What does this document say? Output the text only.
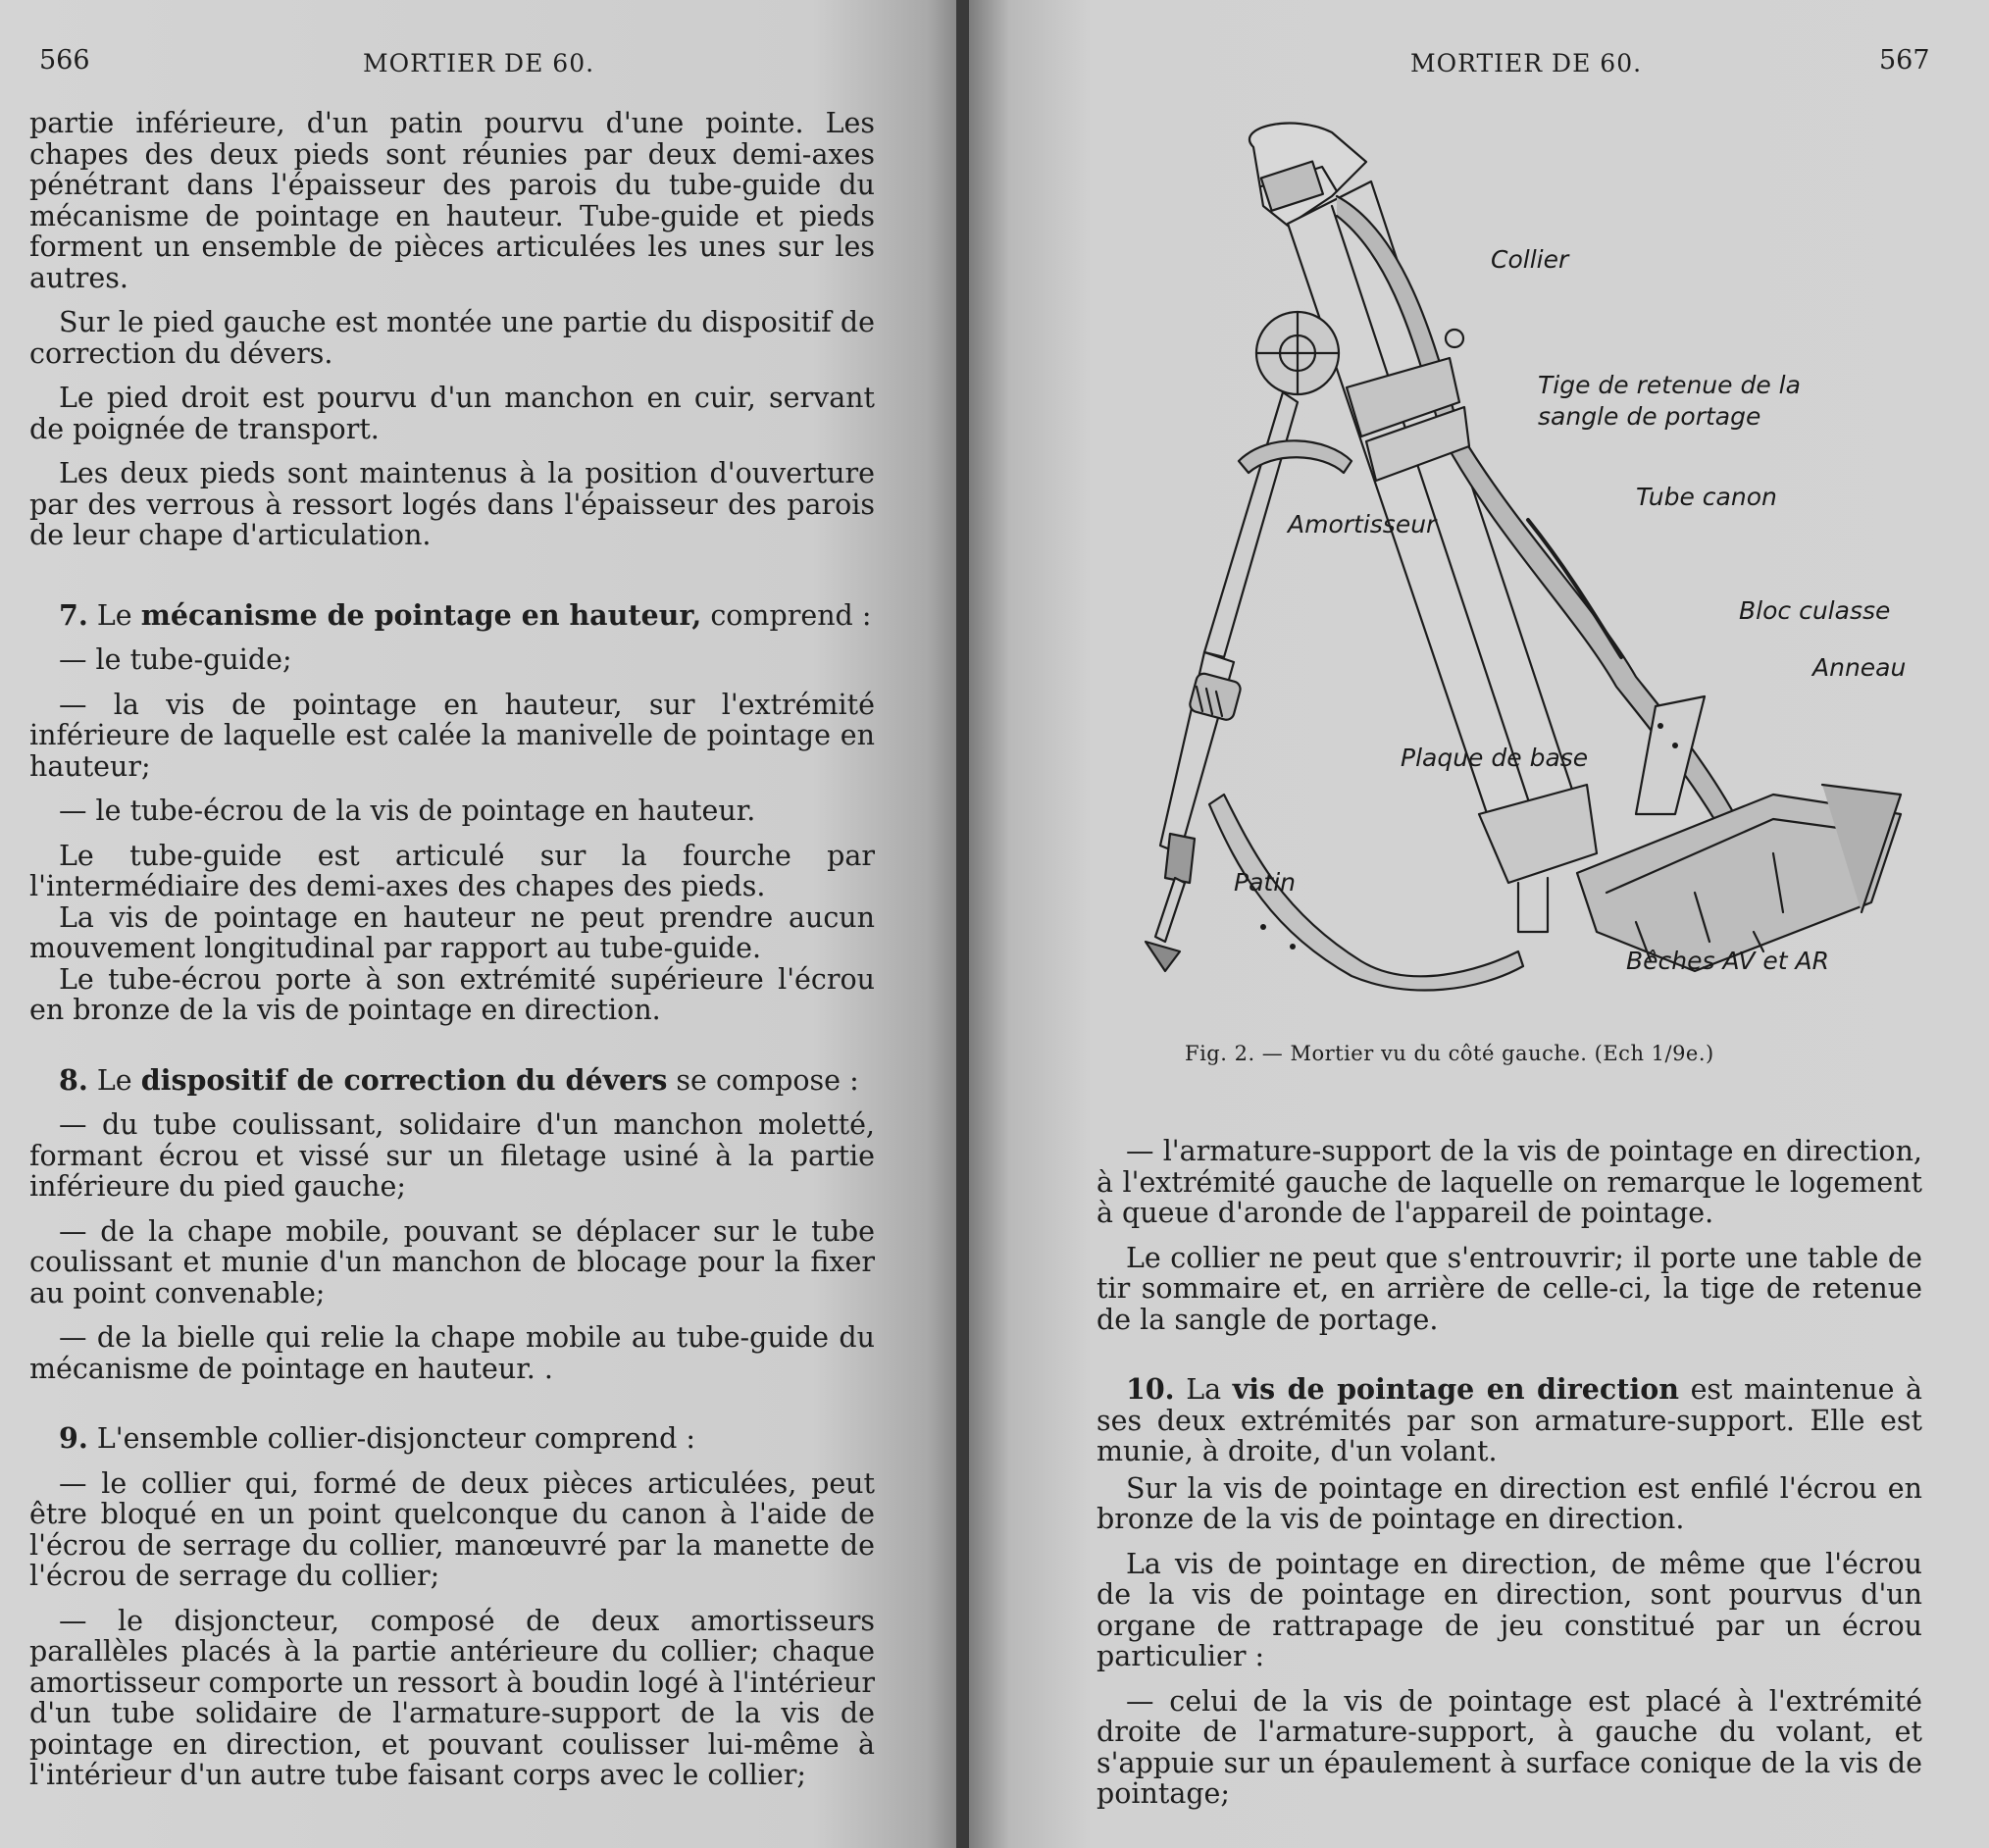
566	MORTIER DE 60.

partie inférieure, d'un patin pourvu d'une pointe. Les chapes des deux pieds sont réunies par deux demi-axes pénétrant dans l'épaisseur des parois du tube-guide du mécanisme de pointage en hauteur. Tube-guide et pieds forment un ensemble de pièces articulées les unes sur les autres.

Sur le pied gauche est montée une partie du dispositif de correction du dévers.

Le pied droit est pourvu d'un manchon en cuir, servant de poignée de transport.

Les deux pieds sont maintenus à la position d'ouverture par des verrous à ressort logés dans l'épaisseur des parois de leur chape d'articulation.

7. Le mécanisme de pointage en hauteur, comprend :

— le tube-guide;

— la vis de pointage en hauteur, sur l'extrémité inférieure de laquelle est calée la manivelle de pointage en hauteur;

— le tube-écrou de la vis de pointage en hauteur.

Le tube-guide est articulé sur la fourche par l'intermédiaire des demi-axes des chapes des pieds.

La vis de pointage en hauteur ne peut prendre aucun mouvement longitudinal par rapport au tube-guide.

Le tube-écrou porte à son extrémité supérieure l'écrou en bronze de la vis de pointage en direction.

8. Le dispositif de correction du dévers se compose :

— du tube coulissant, solidaire d'un manchon moletté, formant écrou et vissé sur un filetage usiné à la partie inférieure du pied gauche;

— de la chape mobile, pouvant se déplacer sur le tube coulissant et munie d'un manchon de blocage pour la fixer au point convenable;

— de la bielle qui relie la chape mobile au tube-guide du mécanisme de pointage en hauteur. .

9. L'ensemble collier-disjoncteur comprend :

— le collier qui, formé de deux pièces articulées, peut être bloqué en un point quelconque du canon à l'aide de l'écrou de serrage du collier, manœuvré par la manette de l'écrou de serrage du collier;

— le disjoncteur, composé de deux amortisseurs parallèles placés à la partie antérieure du collier; chaque amortisseur comporte un ressort à boudin logé à l'intérieur d'un tube solidaire de l'armature-support de la vis de pointage en direction, et pouvant coulisser lui-même à l'intérieur d'un autre tube faisant corps avec le collier;

MORTIER DE 60.	567
Collier
Tige de retenue de la
sangle de portage
Tube canon
Amortisseur
Bloc culasse
Anneau
Plaque de base
Patin
Bêches AV et AR
Fig. 2. — Mortier vu du côté gauche. (Ech 1/9e.)

— l'armature-support de la vis de pointage en direction, à l'extrémité gauche de laquelle on remarque le logement à queue d'aronde de l'appareil de pointage.

Le collier ne peut que s'entrouvrir; il porte une table de tir sommaire et, en arrière de celle-ci, la tige de retenue de la sangle de portage.

10. La vis de pointage en direction est maintenue à ses deux extrémités par son armature-support. Elle est munie, à droite, d'un volant.

Sur la vis de pointage en direction est enfilé l'écrou en bronze de la vis de pointage en direction.

La vis de pointage en direction, de même que l'écrou de la vis de pointage en direction, sont pourvus d'un organe de rattrapage de jeu constitué par un écrou particulier :

— celui de la vis de pointage est placé à l'extrémité droite de l'armature-support, à gauche du volant, et s'appuie sur un épaulement à surface conique de la vis de pointage;
